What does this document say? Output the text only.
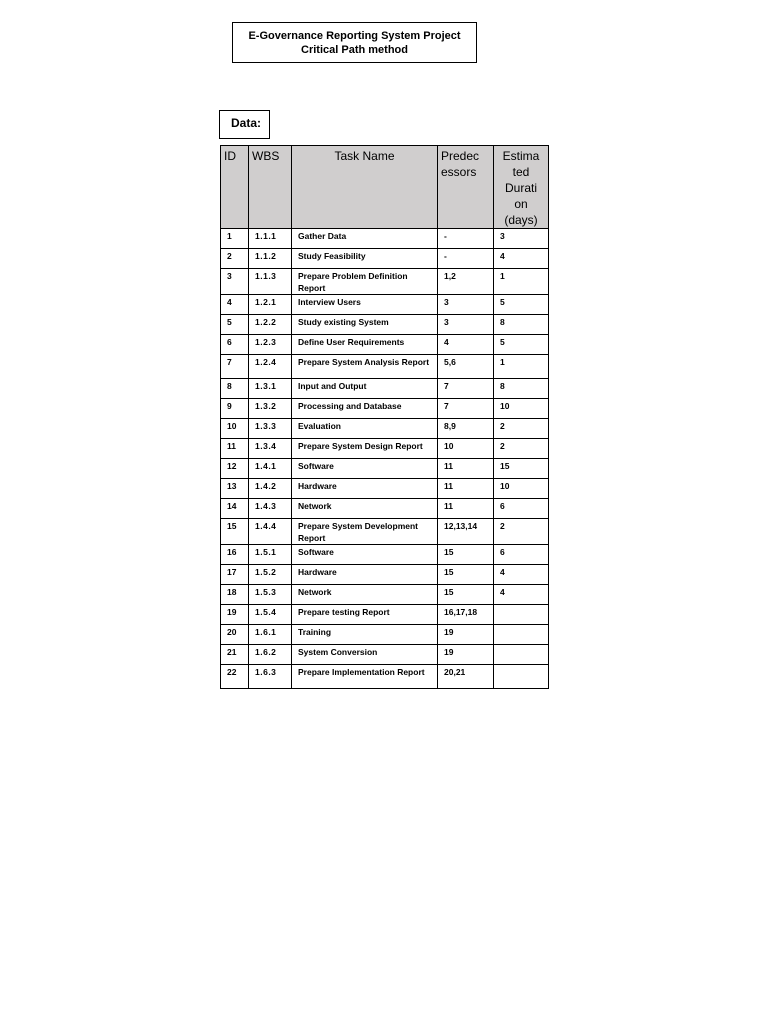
E-Governance Reporting System Project
Critical Path method
Data:
ID	WBS	Task Name	Predec essors	Estima ted Durati on (days)
1	1.1.1	Gather Data	-	3
2	1.1.2	Study Feasibility	-	4
3	1.1.3	Prepare Problem Definition Report	1,2	1
4	1.2.1	Interview Users	3	5
5	1.2.2	Study existing System	3	8
6	1.2.3	Define User Requirements	4	5
7	1.2.4	Prepare System Analysis Report	5,6	1
8	1.3.1	Input and Output	7	8
9	1.3.2	Processing and Database	7	10
10	1.3.3	Evaluation	8,9	2
11	1.3.4	Prepare System Design Report	10	2
12	1.4.1	Software	11	15
13	1.4.2	Hardware	11	10
14	1.4.3	Network	11	6
15	1.4.4	Prepare System Development Report	12,13,14	2
16	1.5.1	Software	15	6
17	1.5.2	Hardware	15	4
18	1.5.3	Network	15	4
19	1.5.4	Prepare testing Report	16,17,18	
20	1.6.1	Training	19	
21	1.6.2	System Conversion	19	
22	1.6.3	Prepare Implementation Report	20,21	
